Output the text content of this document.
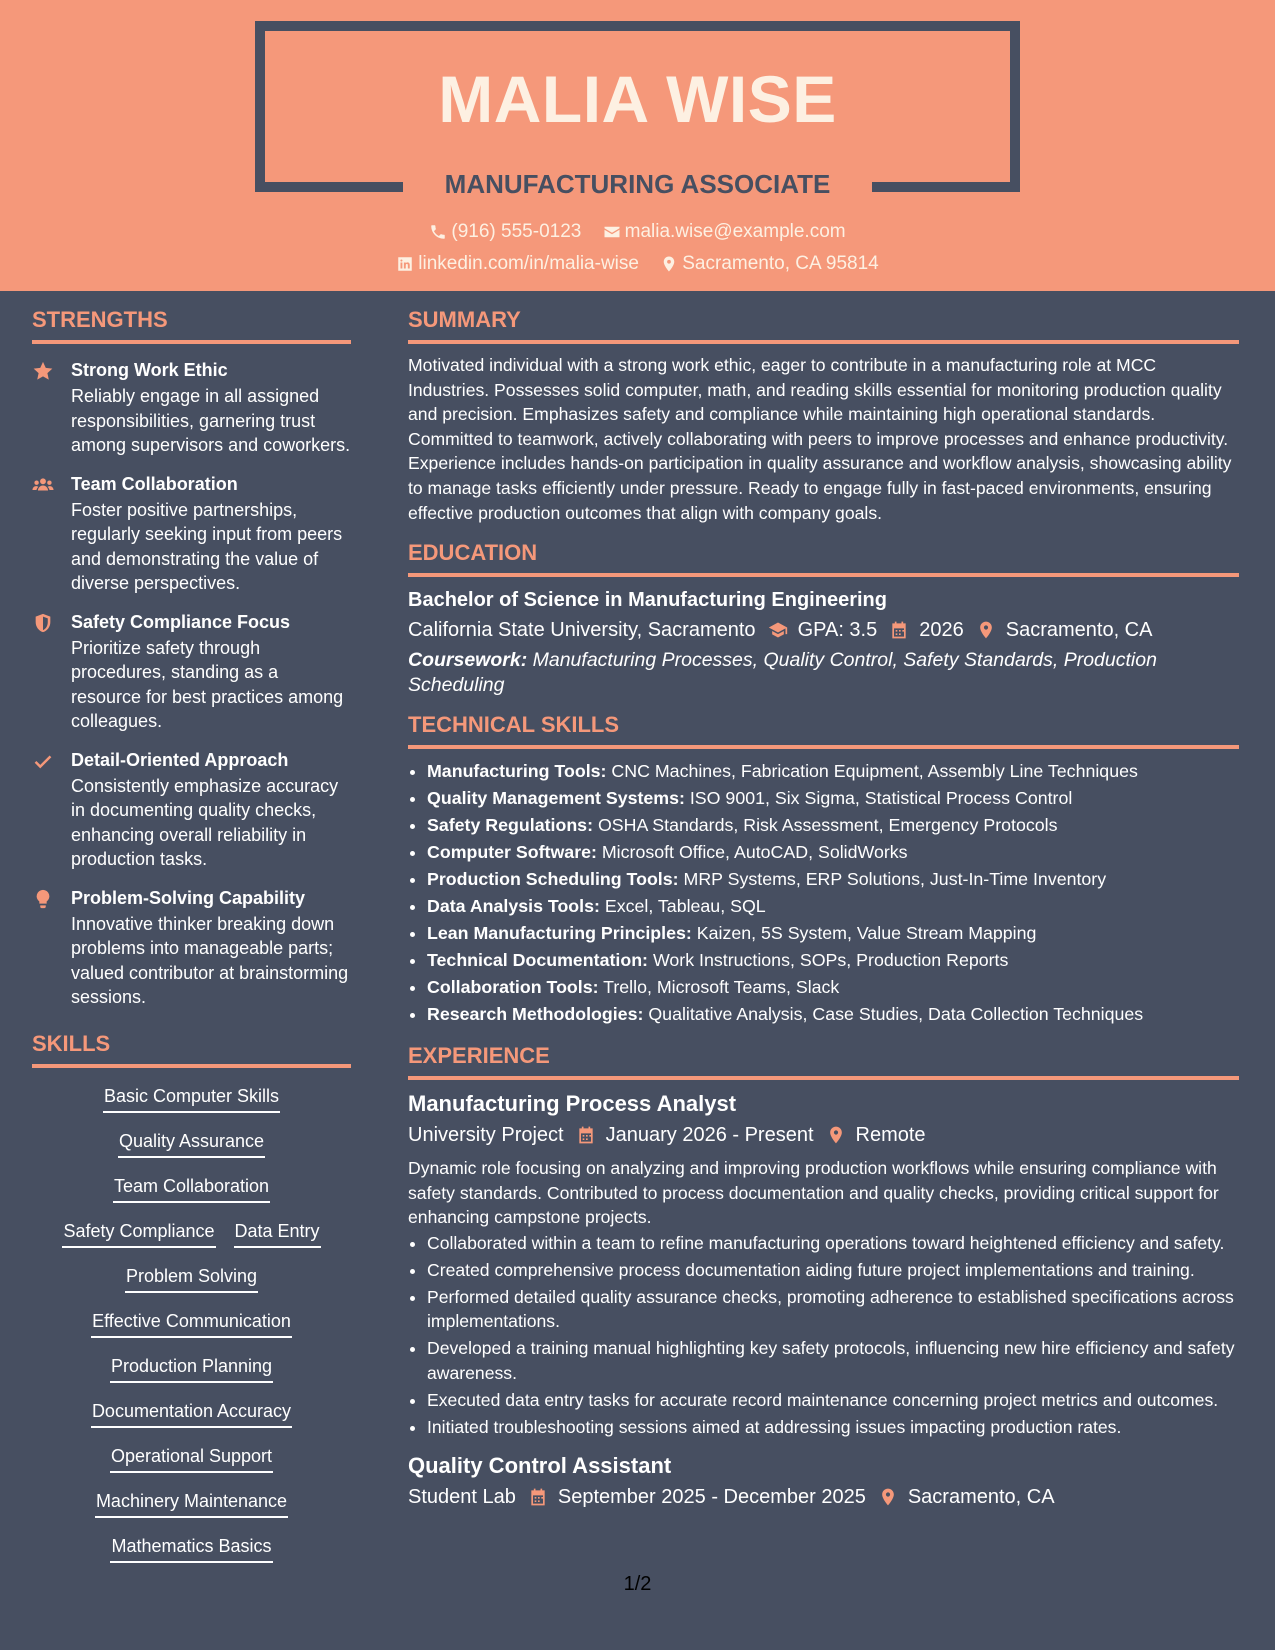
MALIA WISE
MANUFACTURING ASSOCIATE
(916) 555-0123
malia.wise@example.com
linkedin.com/in/malia-wise
Sacramento, CA 95814
STRENGTHS
Strong Work Ethic
Reliably engage in all assigned responsibilities, garnering trust among supervisors and coworkers.
Team Collaboration
Foster positive partnerships, regularly seeking input from peers and demonstrating the value of diverse perspectives.
Safety Compliance Focus
Prioritize safety through procedures, standing as a resource for best practices among colleagues.
Detail-Oriented Approach
Consistently emphasize accuracy in documenting quality checks, enhancing overall reliability in production tasks.
Problem-Solving Capability
Innovative thinker breaking down problems into manageable parts; valued contributor at brainstorming sessions.
SKILLS
Basic Computer Skills
Quality Assurance
Team Collaboration
Safety Compliance Data Entry
Problem Solving
Effective Communication
Production Planning
Documentation Accuracy
Operational Support
Machinery Maintenance
Mathematics Basics
SUMMARY
Motivated individual with a strong work ethic, eager to contribute in a manufacturing role at MCC Industries. Possesses solid computer, math, and reading skills essential for monitoring production quality and precision. Emphasizes safety and compliance while maintaining high operational standards. Committed to teamwork, actively collaborating with peers to improve processes and enhance productivity. Experience includes hands-on participation in quality assurance and workflow analysis, showcasing ability to manage tasks efficiently under pressure. Ready to engage fully in fast-paced environments, ensuring effective production outcomes that align with company goals.
EDUCATION
Bachelor of Science in Manufacturing Engineering
California State University, Sacramento GPA: 3.5 2026 Sacramento, CA
Coursework: Manufacturing Processes, Quality Control, Safety Standards, Production Scheduling
TECHNICAL SKILLS
• Manufacturing Tools: CNC Machines, Fabrication Equipment, Assembly Line Techniques
• Quality Management Systems: ISO 9001, Six Sigma, Statistical Process Control
• Safety Regulations: OSHA Standards, Risk Assessment, Emergency Protocols
• Computer Software: Microsoft Office, AutoCAD, SolidWorks
• Production Scheduling Tools: MRP Systems, ERP Solutions, Just-In-Time Inventory
• Data Analysis Tools: Excel, Tableau, SQL
• Lean Manufacturing Principles: Kaizen, 5S System, Value Stream Mapping
• Technical Documentation: Work Instructions, SOPs, Production Reports
• Collaboration Tools: Trello, Microsoft Teams, Slack
• Research Methodologies: Qualitative Analysis, Case Studies, Data Collection Techniques
EXPERIENCE
Manufacturing Process Analyst
University Project January 2026 - Present Remote
Dynamic role focusing on analyzing and improving production workflows while ensuring compliance with safety standards. Contributed to process documentation and quality checks, providing critical support for enhancing campstone projects.
• Collaborated within a team to refine manufacturing operations toward heightened efficiency and safety.
• Created comprehensive process documentation aiding future project implementations and training.
• Performed detailed quality assurance checks, promoting adherence to established specifications across implementations.
• Developed a training manual highlighting key safety protocols, influencing new hire efficiency and safety awareness.
• Executed data entry tasks for accurate record maintenance concerning project metrics and outcomes.
• Initiated troubleshooting sessions aimed at addressing issues impacting production rates.
Quality Control Assistant
Student Lab September 2025 - December 2025 Sacramento, CA
1/2
